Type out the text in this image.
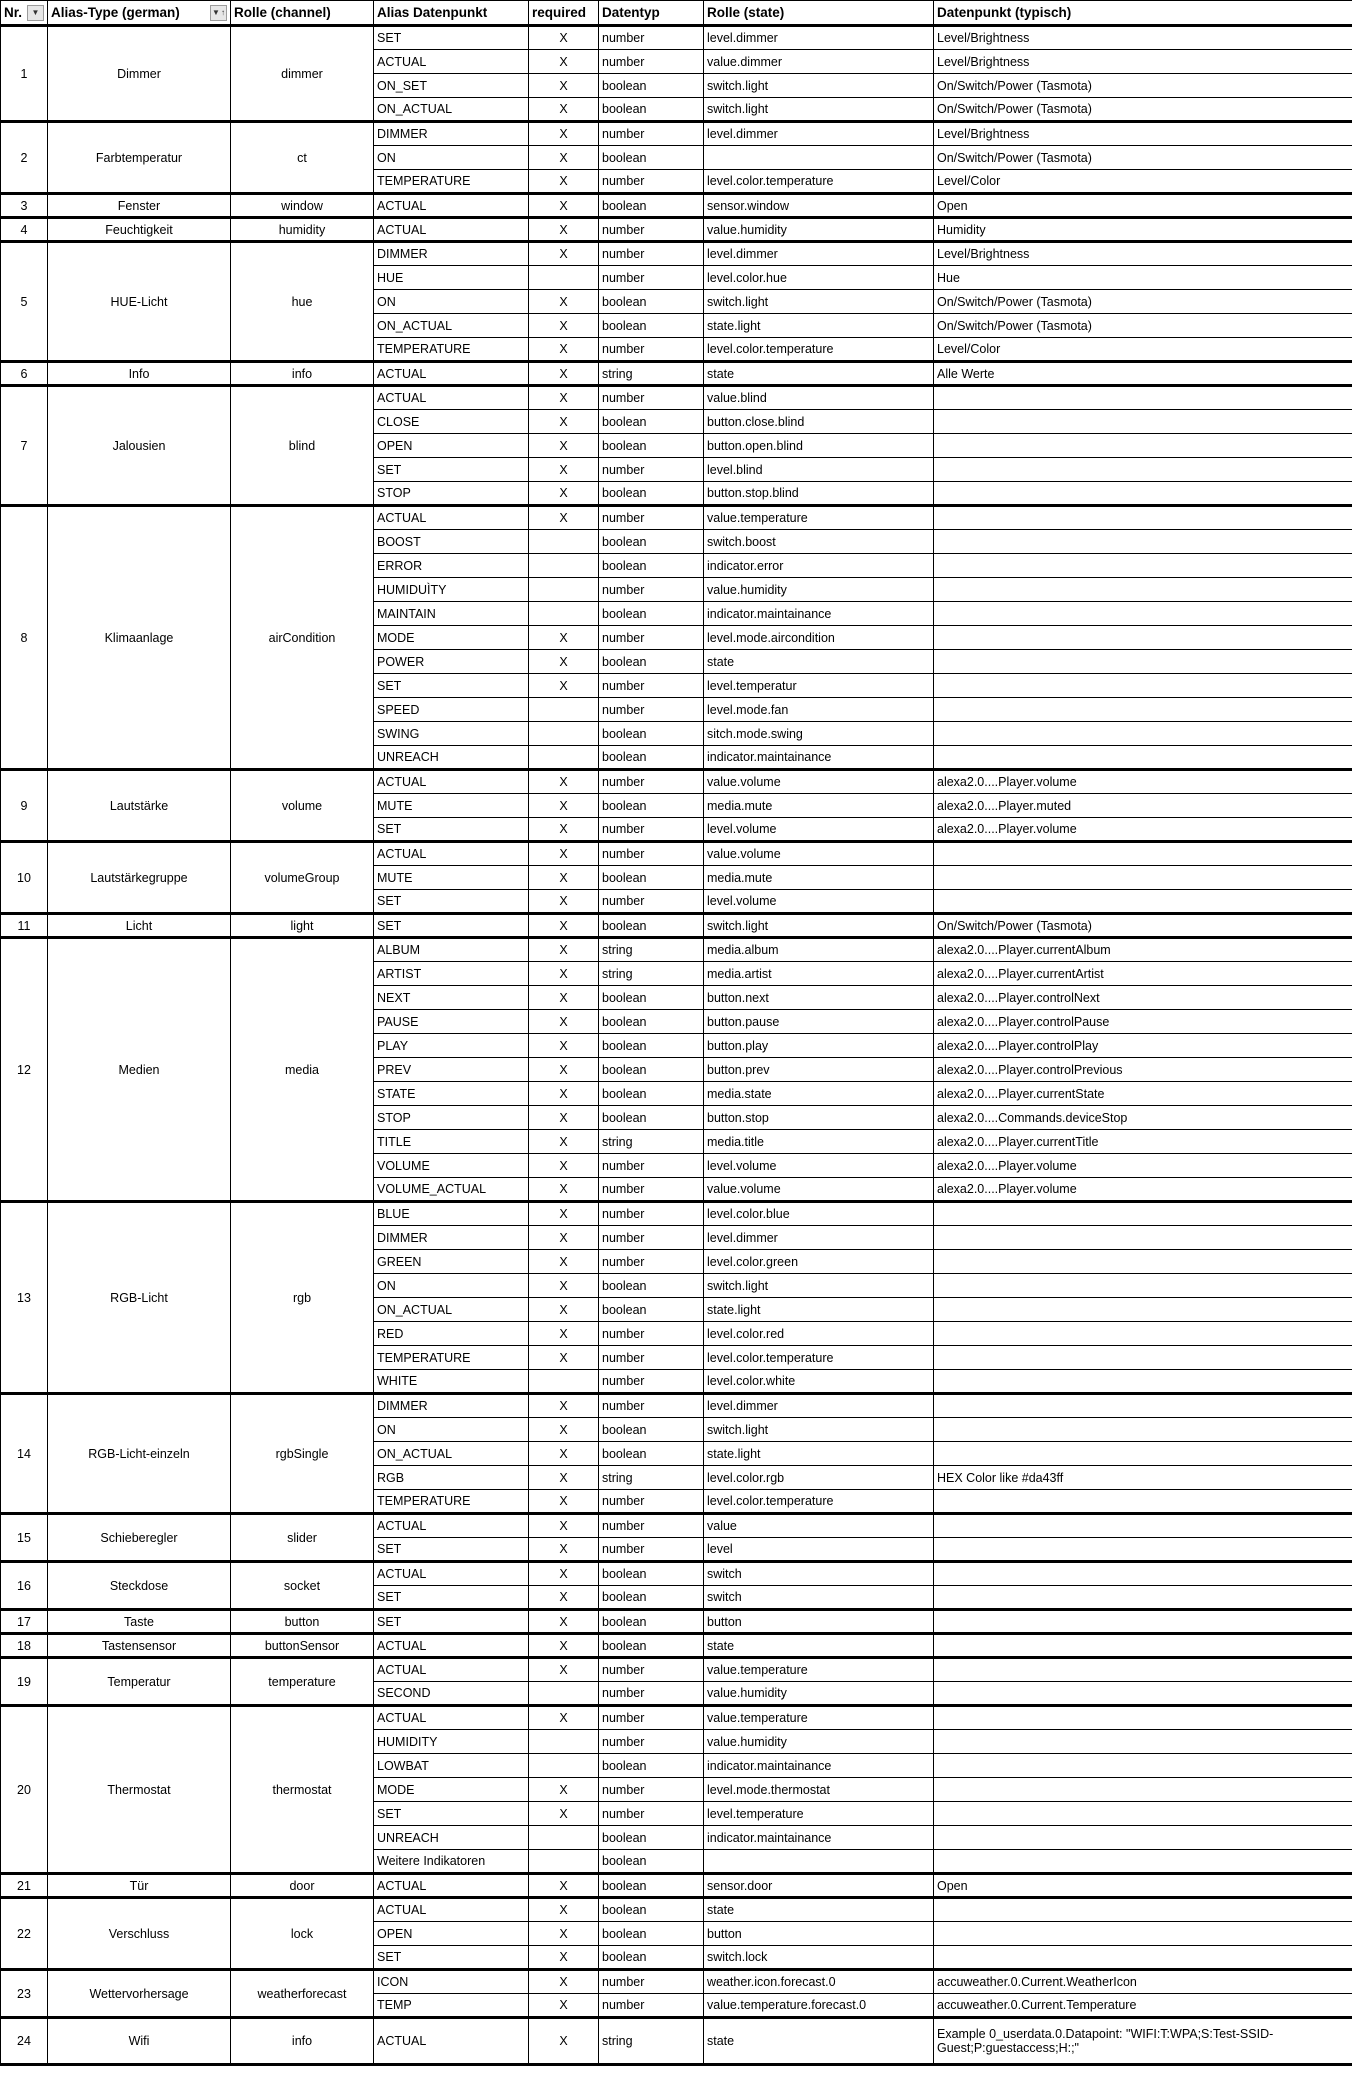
Nr. ▼	Alias-Type (german) ▼ ↑	Rolle (channel)	Alias Datenpunkt	required	Datentyp	Rolle (state)	Datenpunkt (typisch)
1	Dimmer	dimmer	SET	X	number	level.dimmer	Level/Brightness
			ACTUAL	X	number	value.dimmer	Level/Brightness
			ON_SET	X	boolean	switch.light	On/Switch/Power (Tasmota)
			ON_ACTUAL	X	boolean	switch.light	On/Switch/Power (Tasmota)
2	Farbtemperatur	ct	DIMMER	X	number	level.dimmer	Level/Brightness
			ON	X	boolean		On/Switch/Power (Tasmota)
			TEMPERATURE	X	number	level.color.temperature	Level/Color
3	Fenster	window	ACTUAL	X	boolean	sensor.window	Open
4	Feuchtigkeit	humidity	ACTUAL	X	number	value.humidity	Humidity
5	HUE-Licht	hue	DIMMER	X	number	level.dimmer	Level/Brightness
			HUE		number	level.color.hue	Hue
			ON	X	boolean	switch.light	On/Switch/Power (Tasmota)
			ON_ACTUAL	X	boolean	state.light	On/Switch/Power (Tasmota)
			TEMPERATURE	X	number	level.color.temperature	Level/Color
6	Info	info	ACTUAL	X	string	state	Alle Werte
7	Jalousien	blind	ACTUAL	X	number	value.blind	
			CLOSE	X	boolean	button.close.blind	
			OPEN	X	boolean	button.open.blind	
			SET	X	number	level.blind	
			STOP	X	boolean	button.stop.blind	
8	Klimaanlage	airCondition	ACTUAL	X	number	value.temperature	
			BOOST		boolean	switch.boost	
			ERROR		boolean	indicator.error	
			HUMIDUÌTY		number	value.humidity	
			MAINTAIN		boolean	indicator.maintainance	
			MODE	X	number	level.mode.aircondition	
			POWER	X	boolean	state	
			SET	X	number	level.temperatur	
			SPEED		number	level.mode.fan	
			SWING		boolean	sitch.mode.swing	
			UNREACH		boolean	indicator.maintainance	
9	Lautstärke	volume	ACTUAL	X	number	value.volume	alexa2.0....Player.volume
			MUTE	X	boolean	media.mute	alexa2.0....Player.muted
			SET	X	number	level.volume	alexa2.0....Player.volume
10	Lautstärkegruppe	volumeGroup	ACTUAL	X	number	value.volume	
			MUTE	X	boolean	media.mute	
			SET	X	number	level.volume	
11	Licht	light	SET	X	boolean	switch.light	On/Switch/Power (Tasmota)
12	Medien	media	ALBUM	X	string	media.album	alexa2.0....Player.currentAlbum
			ARTIST	X	string	media.artist	alexa2.0....Player.currentArtist
			NEXT	X	boolean	button.next	alexa2.0....Player.controlNext
			PAUSE	X	boolean	button.pause	alexa2.0....Player.controlPause
			PLAY	X	boolean	button.play	alexa2.0....Player.controlPlay
			PREV	X	boolean	button.prev	alexa2.0....Player.controlPrevious
			STATE	X	boolean	media.state	alexa2.0....Player.currentState
			STOP	X	boolean	button.stop	alexa2.0....Commands.deviceStop
			TITLE	X	string	media.title	alexa2.0....Player.currentTitle
			VOLUME	X	number	level.volume	alexa2.0....Player.volume
			VOLUME_ACTUAL	X	number	value.volume	alexa2.0....Player.volume
13	RGB-Licht	rgb	BLUE	X	number	level.color.blue	
			DIMMER	X	number	level.dimmer	
			GREEN	X	number	level.color.green	
			ON	X	boolean	switch.light	
			ON_ACTUAL	X	boolean	state.light	
			RED	X	number	level.color.red	
			TEMPERATURE	X	number	level.color.temperature	
			WHITE		number	level.color.white	
14	RGB-Licht-einzeln	rgbSingle	DIMMER	X	number	level.dimmer	
			ON	X	boolean	switch.light	
			ON_ACTUAL	X	boolean	state.light	
			RGB	X	string	level.color.rgb	HEX Color like #da43ff
			TEMPERATURE	X	number	level.color.temperature	
15	Schieberegler	slider	ACTUAL	X	number	value	
			SET	X	number	level	
16	Steckdose	socket	ACTUAL	X	boolean	switch	
			SET	X	boolean	switch	
17	Taste	button	SET	X	boolean	button	
18	Tastensensor	buttonSensor	ACTUAL	X	boolean	state	
19	Temperatur	temperature	ACTUAL	X	number	value.temperature	
			SECOND		number	value.humidity	
20	Thermostat	thermostat	ACTUAL	X	number	value.temperature	
			HUMIDITY		number	value.humidity	
			LOWBAT		boolean	indicator.maintainance	
			MODE	X	number	level.mode.thermostat	
			SET	X	number	level.temperature	
			UNREACH		boolean	indicator.maintainance	
			Weitere Indikatoren		boolean		
21	Tür	door	ACTUAL	X	boolean	sensor.door	Open
22	Verschluss	lock	ACTUAL	X	boolean	state	
			OPEN	X	boolean	button	
			SET	X	boolean	switch.lock	
23	Wettervorhersage	weatherforecast	ICON	X	number	weather.icon.forecast.0	accuweather.0.Current.WeatherIcon
			TEMP	X	number	value.temperature.forecast.0	accuweather.0.Current.Temperature
24	Wifi	info	ACTUAL	X	string	state	Example 0_userdata.0.Datapoint: "WIFI:T:WPA;S:Test-SSID-Guest;P:guestaccess;H:;"
